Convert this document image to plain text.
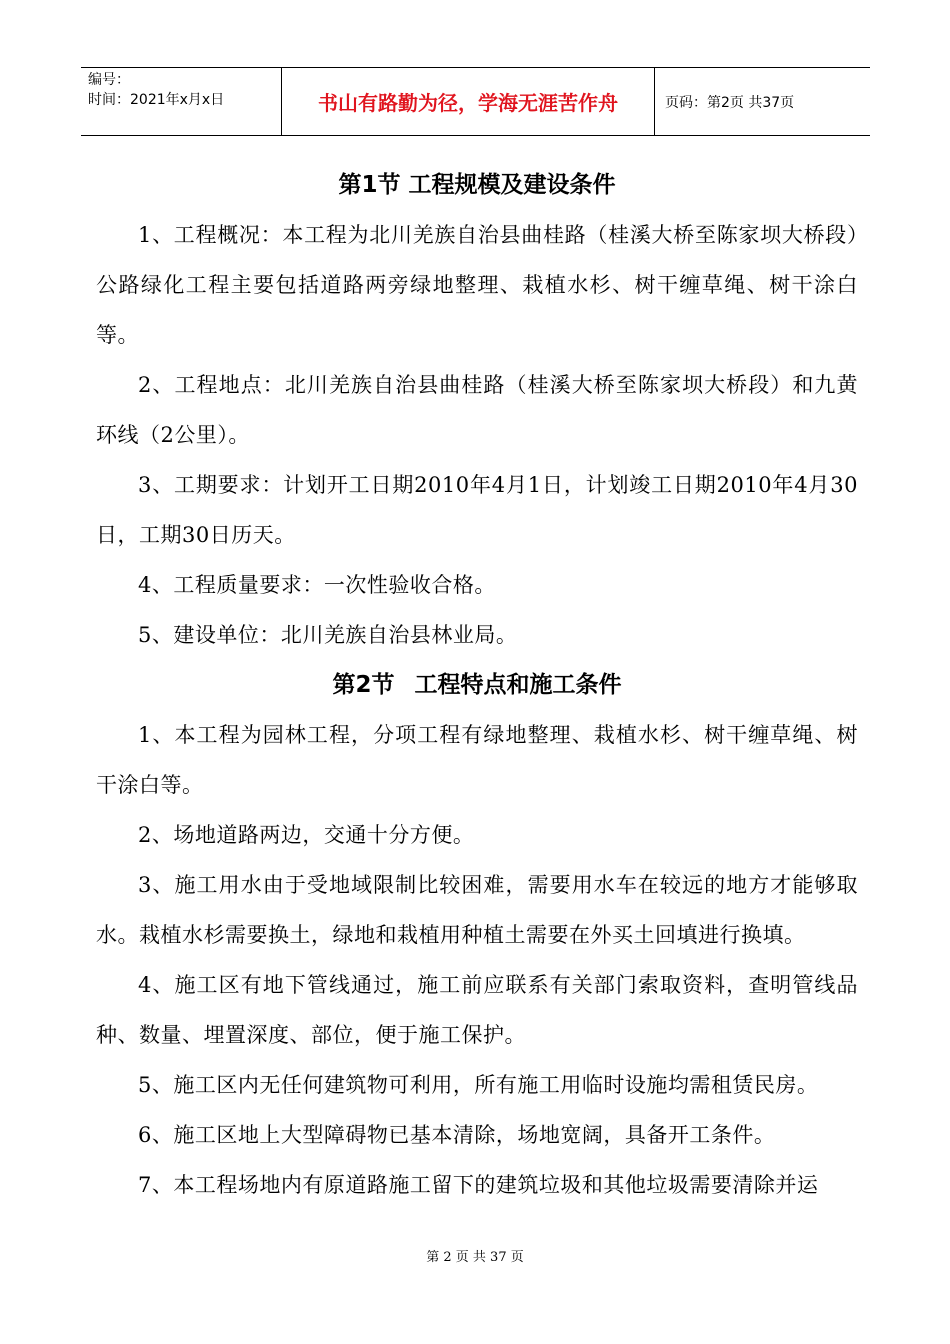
编号：
时间：2021年x月x日	书山有路勤为径，学海无涯苦作舟	页码：第2页 共37页
第1节 工程规模及建设条件

1、工程概况：本工程为北川羌族自治县曲桂路（桂溪大桥至陈家坝大桥段）公路绿化工程主要包括道路两旁绿地整理、栽植水杉、树干缠草绳、树干涂白等。

2、工程地点：北川羌族自治县曲桂路（桂溪大桥至陈家坝大桥段）和九黄环线（2公里）。

3、工期要求：计划开工日期2010年4月1日，计划竣工日期2010年4月30日，工期30日历天。

4、工程质量要求：一次性验收合格。

5、建设单位：北川羌族自治县林业局。

第2节 工程特点和施工条件

1、本工程为园林工程，分项工程有绿地整理、栽植水杉、树干缠草绳、树干涂白等。

2、场地道路两边，交通十分方便。

3、施工用水由于受地域限制比较困难，需要用水车在较远的地方才能够取水。栽植水杉需要换土，绿地和栽植用种植土需要在外买土回填进行换填。

4、施工区有地下管线通过，施工前应联系有关部门索取资料，查明管线品种、数量、埋置深度、部位，便于施工保护。

5、施工区内无任何建筑物可利用，所有施工用临时设施均需租赁民房。

6、施工区地上大型障碍物已基本清除，场地宽阔，具备开工条件。

7、本工程场地内有原道路施工留下的建筑垃圾和其他垃圾需要清除并运

第 2 页 共 37 页
